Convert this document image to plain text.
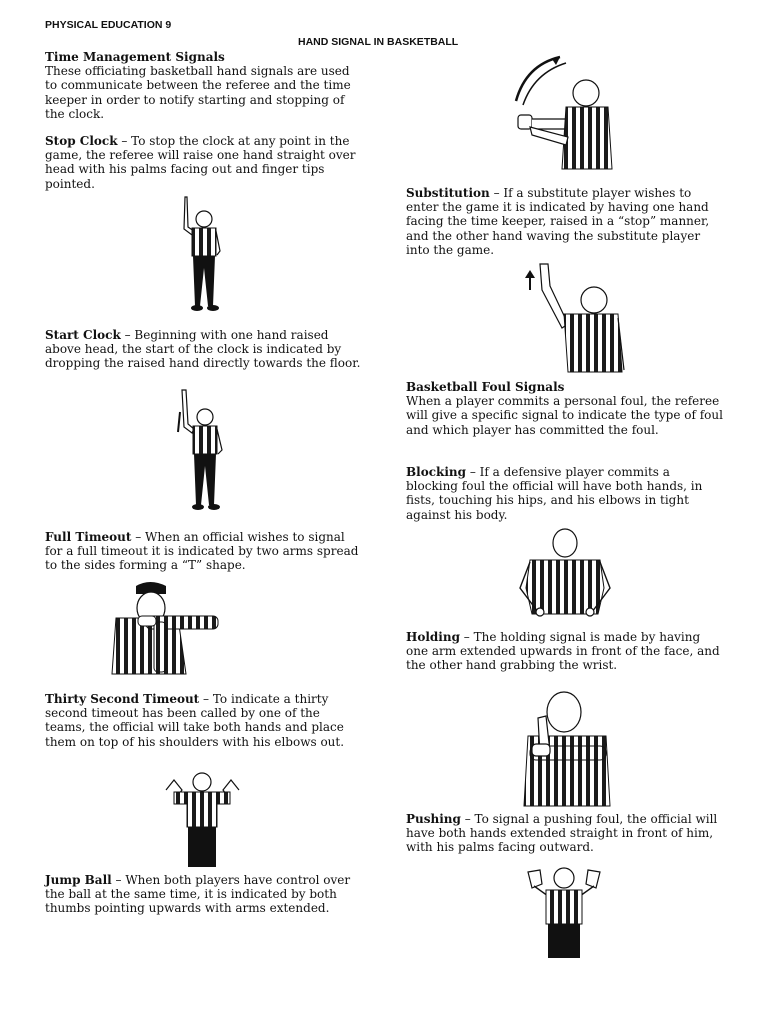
PHYSICAL EDUCATION 9
HAND SIGNAL IN BASKETBALL
Time Management Signals
These officiating basketball hand signals are used to communicate between the referee and the time keeper in order to notify starting and stopping of the clock.

Stop Clock – To stop the clock at any point in the game, the referee will raise one hand straight over head with his palms facing out and finger tips pointed.

Start Clock – Beginning with one hand raised above head, the start of the clock is indicated by dropping the raised hand directly towards the floor.

Full Timeout – When an official wishes to signal for a full timeout it is indicated by two arms spread to the sides forming a “T” shape.

Thirty Second Timeout – To indicate a thirty second timeout has been called by one of the teams, the official will take both hands and place them on top of his shoulders with his elbows out.

Jump Ball – When both players have control over the ball at the same time, it is indicated by both thumbs pointing upwards with arms extended.

Substitution – If a substitute player wishes to enter the game it is indicated by having one hand facing the time keeper, raised in a “stop” manner, and the other hand waving the substitute player into the game.

Basketball Foul Signals
When a player commits a personal foul, the referee will give a specific signal to indicate the type of foul and which player has committed the foul.

Blocking – If a defensive player commits a blocking foul the official will have both hands, in fists, touching his hips, and his elbows in tight against his body.

Holding – The holding signal is made by having one arm extended upwards in front of the face, and the other hand grabbing the wrist.

Pushing – To signal a pushing foul, the official will have both hands extended straight in front of him, with his palms facing outward.
